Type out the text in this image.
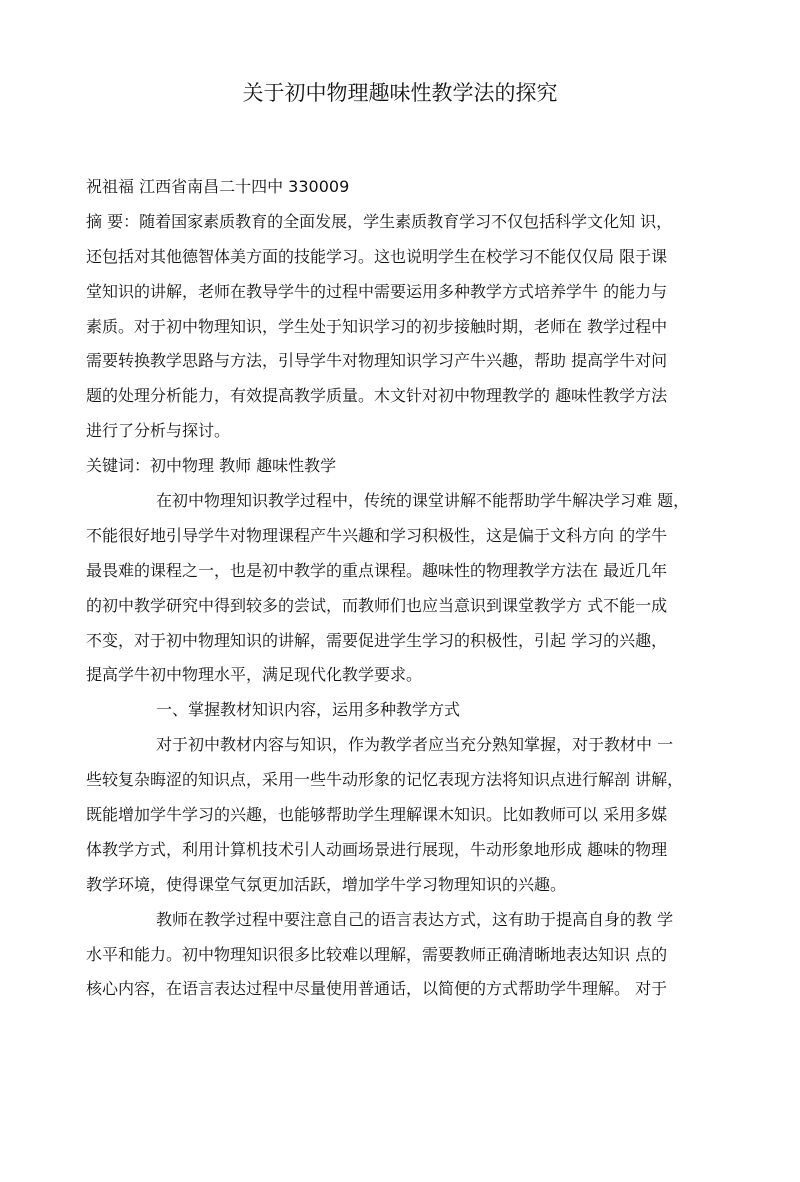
关于初中物理趣味性教学法的探究
祝祖福 江西省南昌二十四中 330009
摘 要：随着国家素质教育的全面发展，学生素质教育学习不仅包括科学文化知 识，
还包括对其他德智体美方面的技能学习。这也说明学生在校学习不能仅仅局 限于课
堂知识的讲解，老师在教导学牛的过程中需要运用多种教学方式培养学牛 的能力与
素质。对于初中物理知识，学生处于知识学习的初步接触时期，老师在 教学过程中
需要转换教学思路与方法，引导学牛对物理知识学习产牛兴趣，帮助 提高学牛对问
题的处理分析能力，有效提高教学质量。木文针对初中物理教学的 趣味性教学方法
进行了分析与探讨。
关键词：初中物理 教师 趣味性教学
在初中物理知识教学过程中，传统的课堂讲解不能帮助学牛解决学习难 题，
不能很好地引导学牛对物理课程产牛兴趣和学习积极性，这是偏于文科方向 的学牛
最畏难的课程之一，也是初中教学的重点课程。趣味性的物理教学方法在 最近几年
的初中教学研究中得到较多的尝试，而教师们也应当意识到课堂教学方 式不能一成
不变，对于初中物理知识的讲解，需要促进学生学习的积极性，引起 学习的兴趣，
提高学牛初中物理水平，满足现代化教学要求。
一、掌握教材知识内容，运用多种教学方式
对于初中教材内容与知识，作为教学者应当充分熟知掌握，对于教材中 一
些较复杂晦涩的知识点，采用一些牛动形象的记忆表现方法将知识点进行解剖 讲解，
既能增加学牛学习的兴趣，也能够帮助学生理解课木知识。比如教师可以 采用多媒
体教学方式，利用计算机技术引人动画场景进行展现，牛动形象地形成 趣味的物理
教学环境，使得课堂气氛更加活跃，增加学牛学习物理知识的兴趣。
教师在教学过程中要注意自己的语言表达方式，这有助于提高自身的教 学
水平和能力。初中物理知识很多比较难以理解，需要教师正确清晰地表达知识 点的
核心内容，在语言表达过程中尽量使用普通话，以简便的方式帮助学牛理解。 对于
